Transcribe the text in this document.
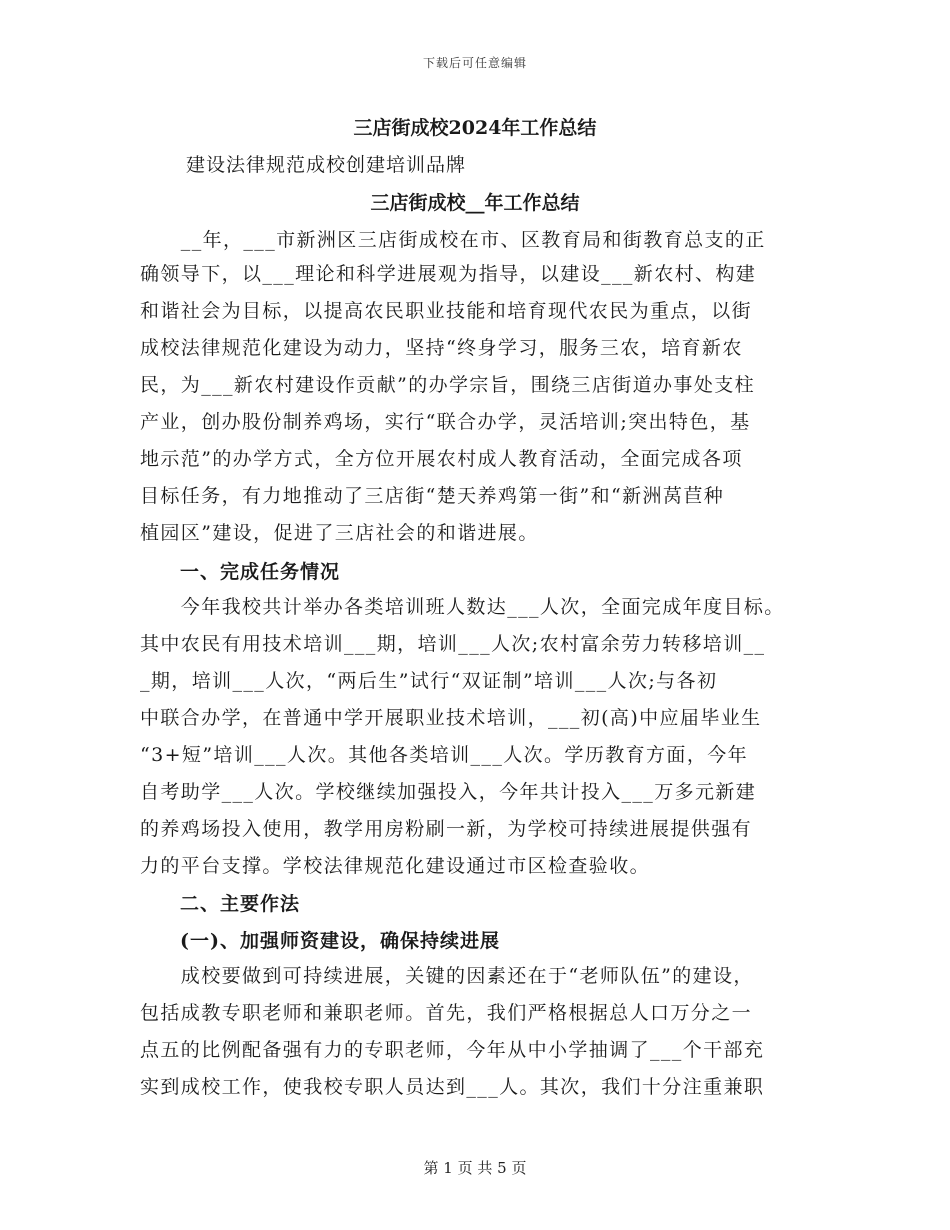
下载后可任意编辑
三店街成校2024年工作总结
建设法律规范成校创建培训品牌
三店街成校__年工作总结
　　__年，___市新洲区三店街成校在市、区教育局和街教育总支的正
确领导下，以___理论和科学进展观为指导，以建设___新农村、构建
和谐社会为目标，以提高农民职业技能和培育现代农民为重点，以街
成校法律规范化建设为动力，坚持“终身学习，服务三农，培育新农
民，为___新农村建设作贡献”的办学宗旨，围绕三店街道办事处支柱
产业，创办股份制养鸡场，实行“联合办学，灵活培训;突出特色，基
地示范”的办学方式，全方位开展农村成人教育活动，全面完成各项
目标任务，有力地推动了三店街“楚天养鸡第一街”和“新洲莴苣种
植园区”建设，促进了三店社会的和谐进展。
　　一、完成任务情况
　　今年我校共计举办各类培训班人数达___人次，全面完成年度目标。
其中农民有用技术培训___期，培训___人次;农村富余劳力转移培训__
_期，培训___人次，“两后生”试行“双证制”培训___人次;与各初
中联合办学，在普通中学开展职业技术培训，___初(高)中应届毕业生
“3+短”培训___人次。其他各类培训___人次。学历教育方面，今年
自考助学___人次。学校继续加强投入，今年共计投入___万多元新建
的养鸡场投入使用，教学用房粉刷一新，为学校可持续进展提供强有
力的平台支撑。学校法律规范化建设通过市区检查验收。
　　二、主要作法
　　(一)、加强师资建设，确保持续进展
　　成校要做到可持续进展，关键的因素还在于“老师队伍”的建设，
包括成教专职老师和兼职老师。首先，我们严格根据总人口万分之一
点五的比例配备强有力的专职老师，今年从中小学抽调了___个干部充
实到成校工作，使我校专职人员达到___人。其次，我们十分注重兼职
第 1 页 共 5 页
